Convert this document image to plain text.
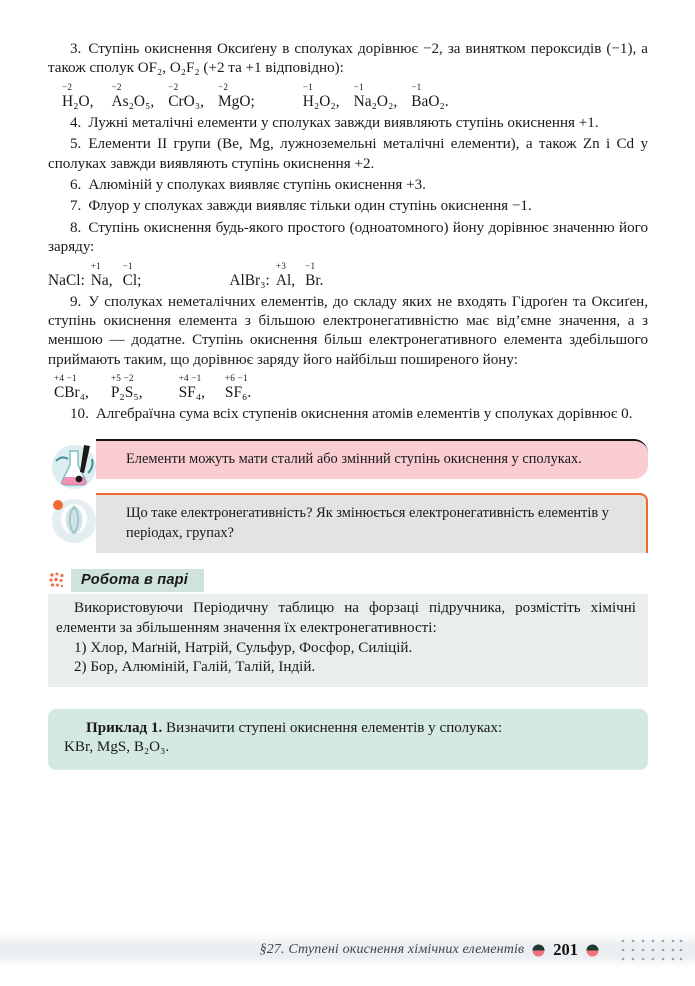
3. Ступінь окиснення Оксиґену в сполуках дорівнює −2, за винятком пероксидів (−1), а також сполук OF₂, O₂F₂ (+2 та +1 відповідно):

−2
H₂O,
−2
As₂O₅,
−2
CrO₃,
−2
MgO;
−1
H₂O₂,
−1
Na₂O₂,
−1
BaO₂.

4. Лужні металічні елементи у сполуках завжди виявляють ступінь окиснення +1.

5. Елементи II групи (Be, Mg, лужноземельні металічні елементи), а також Zn i Cd у сполуках завжди виявляють ступінь окиснення +2.

6. Алюміній у сполуках виявляє ступінь окиснення +3.

7. Флуор у сполуках завжди виявляє тільки один ступінь окиснення −1.

8. Ступінь окиснення будь-якого простого (одноатомного) йону дорівнює значенню його заряду:

NaCl:
+1
Na,
−1
Cl;
	AlBr₃:
+3
Al,
−1
Br.

9. У сполуках неметалічних елементів, до складу яких не входять Гідроґен та Оксиґен, ступінь окиснення елемента з більшою електронегативністю має від’ємне значення, а з меншою — додатне. Ступінь окиснення більш електронегативного елемента здебільшого приймають таким, що дорівнює заряду його найбільш поширеного йону:

+4 −1
CBr₄,
+5 −2
P₂S₅,
+4 −1
SF₄,
+6 −1
SF₆.

10. Алгебраїчна сума всіх ступенів окиснення атомів елементів у сполуках дорівнює 0.

Елементи можуть мати сталий або змінний ступінь окиснення у сполуках.
Що таке електронегативність? Як змінюється електронегативність елементів у періодах, групах?
Робота в парі

Використовуючи Періодичну таблицю на форзаці підручника, розмістіть хімічні елементи за збільшенням значення їх електронегативності:

1) Хлор, Маґній, Натрій, Сульфур, Фосфор, Силіцій.

2) Бор, Алюміній, Галій, Талій, Індій.

Приклад 1. Визначити ступені окиснення елементів у сполуках:
KBr, MgS, B₂O₃.
§27. Ступені окиснення хімічних елементів 201
